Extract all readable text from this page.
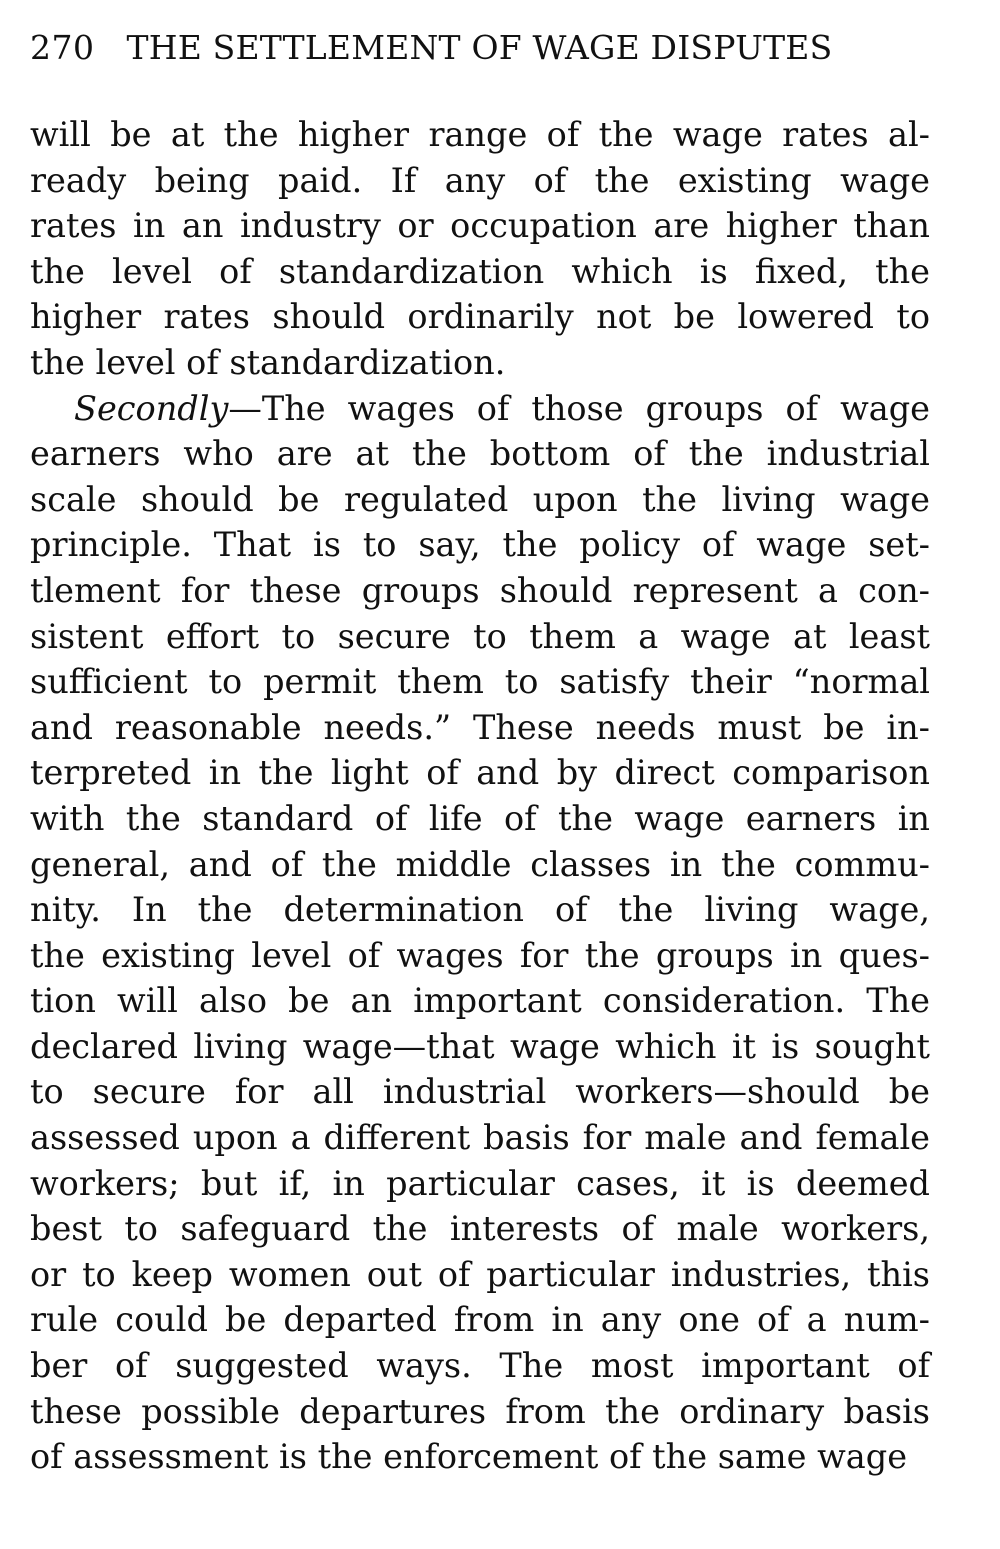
270 THE SETTLEMENT OF WAGE DISPUTES
will be at the higher range of the wage rates al-
ready being paid. If any of the existing wage
rates in an industry or occupation are higher than
the level of standardization which is fixed, the
higher rates should ordinarily not be lowered to
the level of standardization.
Secondly—The wages of those groups of wage
earners who are at the bottom of the industrial
scale should be regulated upon the living wage
principle. That is to say, the policy of wage set-
tlement for these groups should represent a con-
sistent effort to secure to them a wage at least
sufficient to permit them to satisfy their “normal
and reasonable needs.” These needs must be in-
terpreted in the light of and by direct comparison
with the standard of life of the wage earners in
general, and of the middle classes in the commu-
nity. In the determination of the living wage,
the existing level of wages for the groups in ques-
tion will also be an important consideration. The
declared living wage—that wage which it is sought
to secure for all industrial workers—should be
assessed upon a different basis for male and female
workers; but if, in particular cases, it is deemed
best to safeguard the interests of male workers,
or to keep women out of particular industries, this
rule could be departed from in any one of a num-
ber of suggested ways. The most important of
these possible departures from the ordinary basis
of assessment is the enforcement of the same wage
